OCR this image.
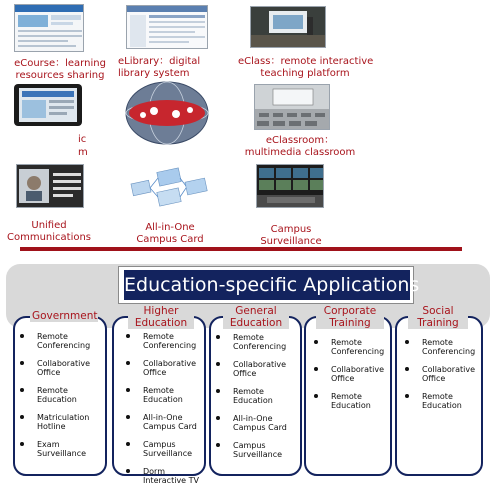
eCourse：learning
resources sharing
eLibrary：digital
library system
eClass：remote interactive
teaching platform
ic
m
eClassroom：
multimedia classroom
Unified
Communications
All-in-One
Campus Card
Campus
Surveillance
Education-specific Applications
Government
Remote
Conferencing
Collaborative
Office
Remote
Education
Matriculation
Hotline
Exam
Surveillance
Higher
Education
Remote
Conferencing
Collaborative
Office
Remote
Education
All-in-One
Campus Card
Campus
Surveillance
Dorm
Interactive TV
General
Education
Remote
Conferencing
Collaborative
Office
Remote
Education
All-in-One
Campus Card
Campus
Surveillance
Corporate
Training
Remote
Conferencing
Collaborative
Office
Remote
Education
Social
Training
Remote
Conferencing
Collaborative
Office
Remote
Education
